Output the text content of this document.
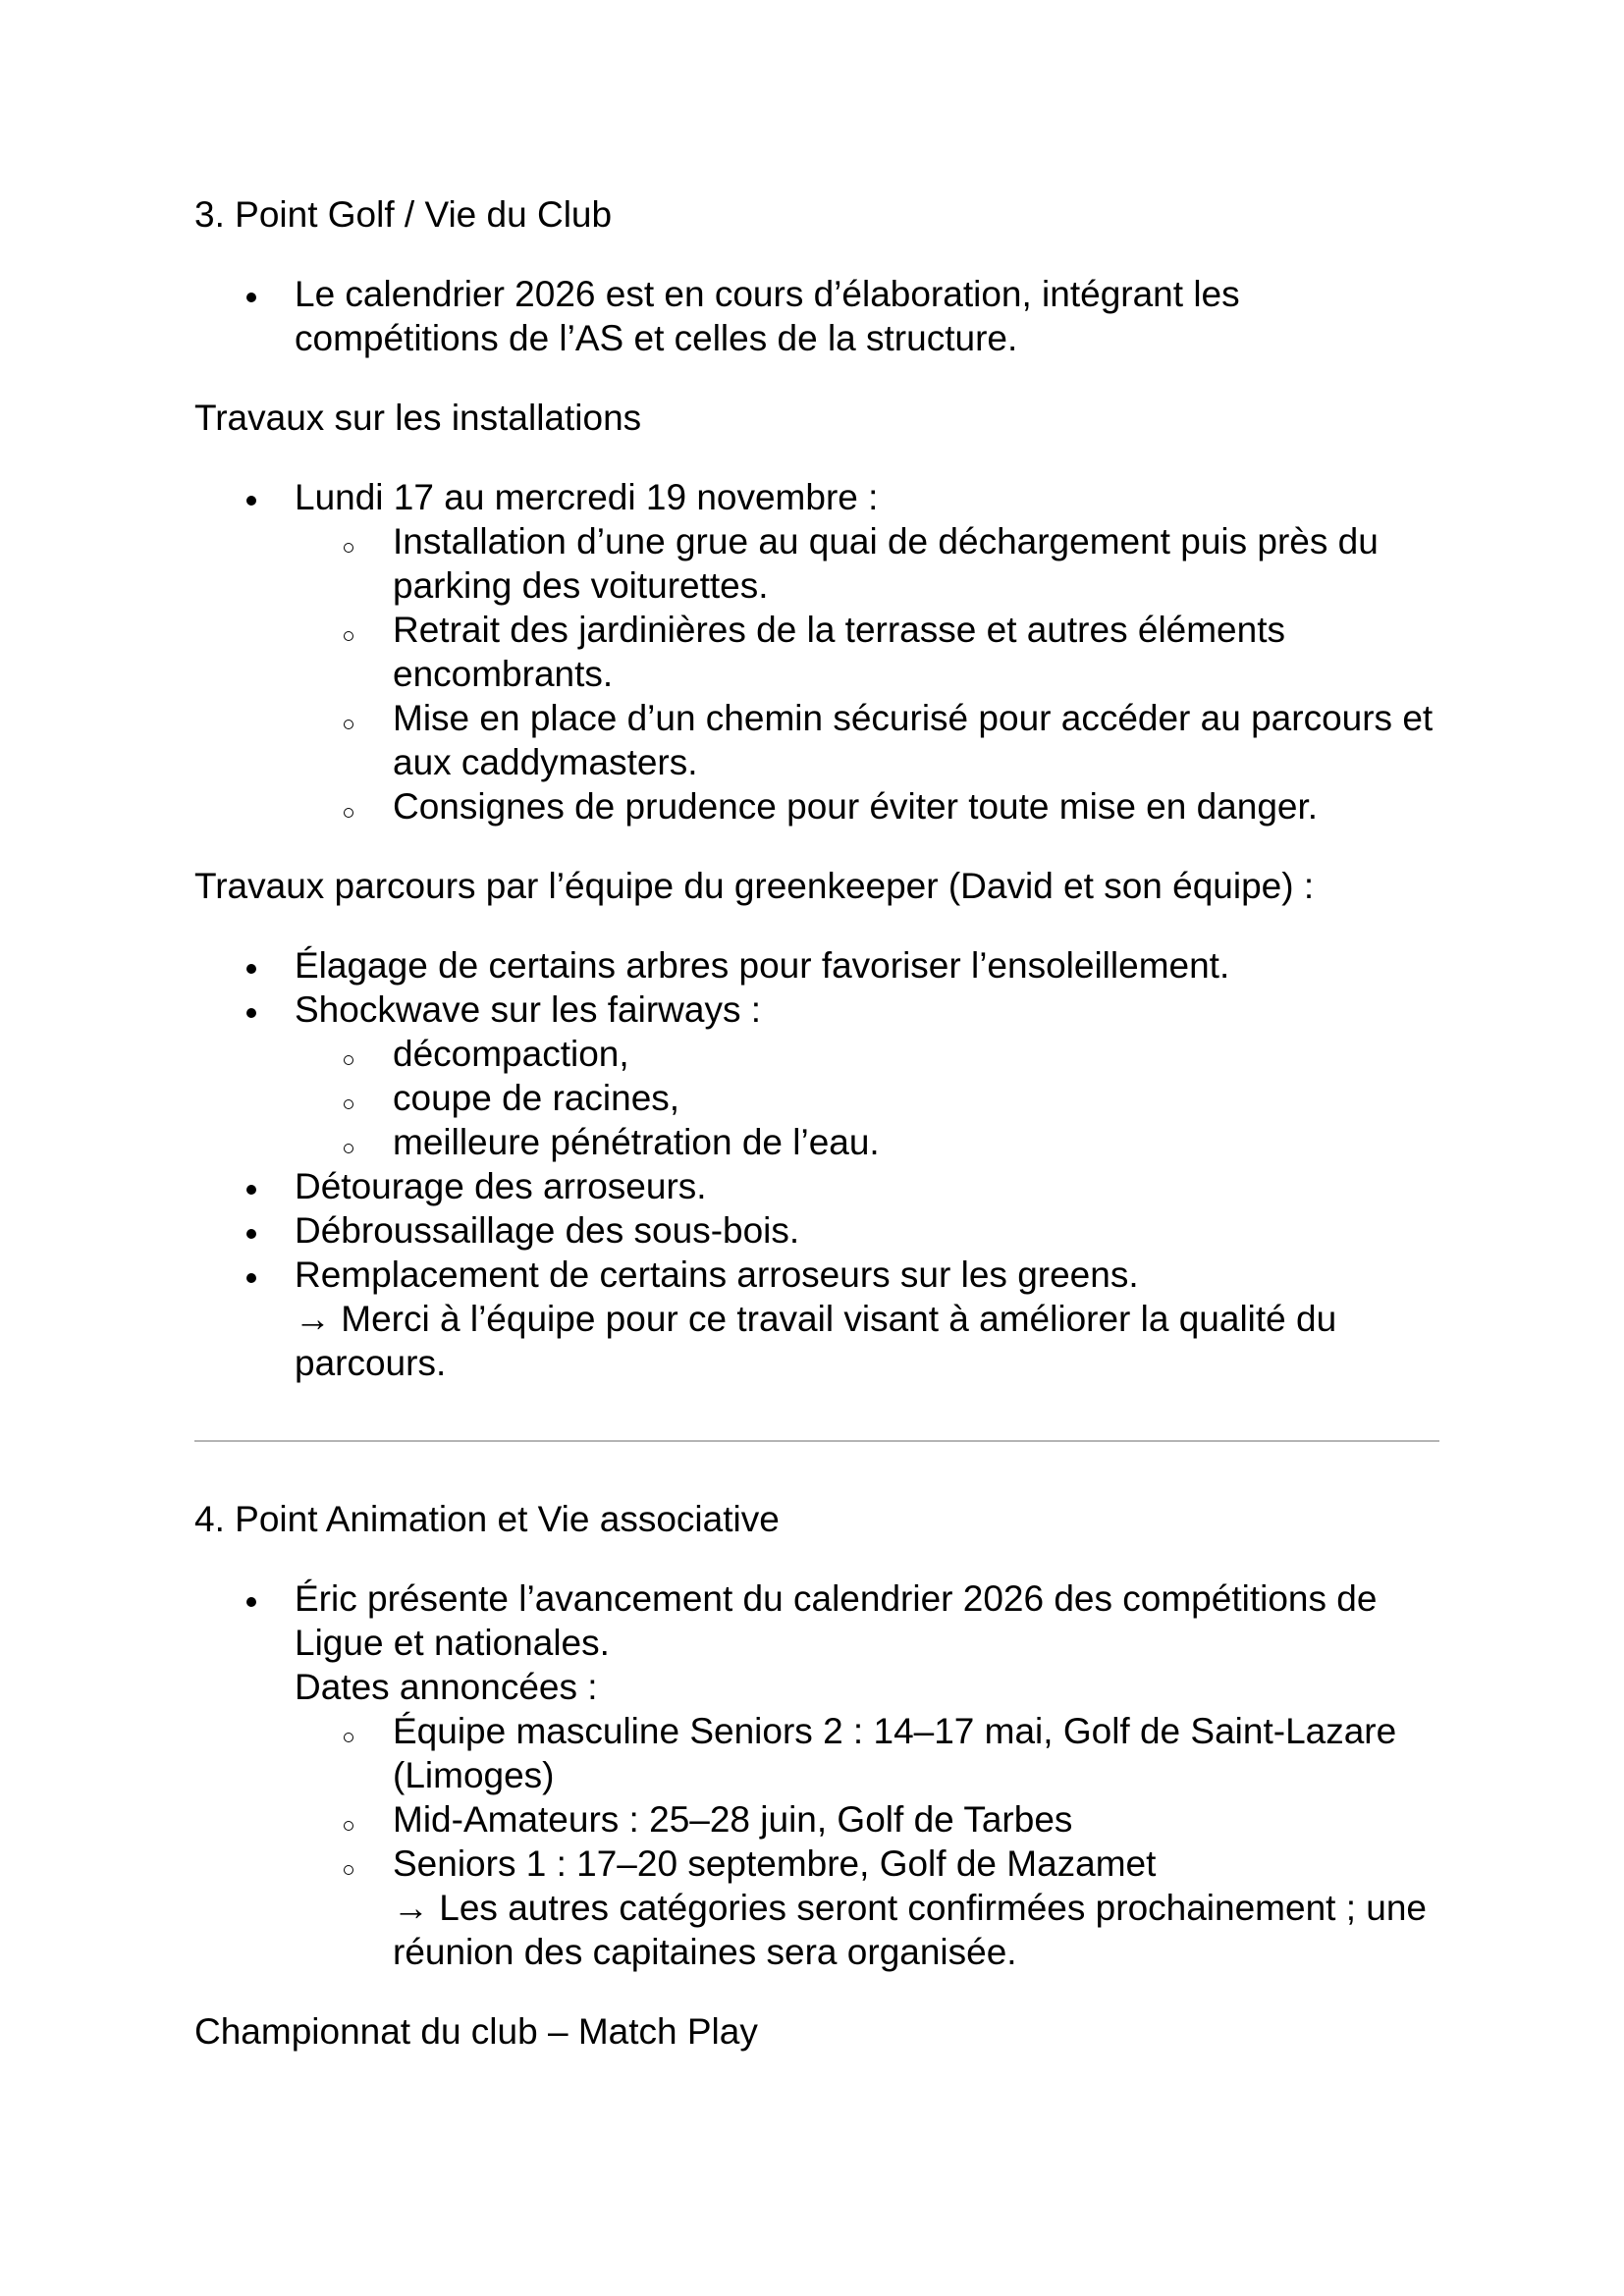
3. Point Golf / Vie du Club
Le calendrier 2026 est en cours d’élaboration, intégrant les compétitions de l’AS et celles de la structure.

Travaux sur les installations

Lundi 17 au mercredi 19 novembre :
Installation d’une grue au quai de déchargement puis près du parking des voiturettes.
Retrait des jardinières de la terrasse et autres éléments encombrants.
Mise en place d’un chemin sécurisé pour accéder au parcours et aux caddymasters.
Consignes de prudence pour éviter toute mise en danger.

Travaux parcours par l’équipe du greenkeeper (David et son équipe) :

Élagage de certains arbres pour favoriser l’ensoleillement.
Shockwave sur les fairways :
décompaction,
coupe de racines,
meilleure pénétration de l’eau.
Détourage des arroseurs.
Débroussaillage des sous-bois.
Remplacement de certains arroseurs sur les greens.
→ Merci à l’équipe pour ce travail visant à améliorer la qualité du parcours.
4. Point Animation et Vie associative
Éric présente l’avancement du calendrier 2026 des compétitions de Ligue et nationales.
Dates annoncées :
Équipe masculine Seniors 2 : 14–17 mai, Golf de Saint-Lazare (Limoges)
Mid-Amateurs : 25–28 juin, Golf de Tarbes
Seniors 1 : 17–20 septembre, Golf de Mazamet
→ Les autres catégories seront confirmées prochainement ; une réunion des capitaines sera organisée.

Championnat du club – Match Play
